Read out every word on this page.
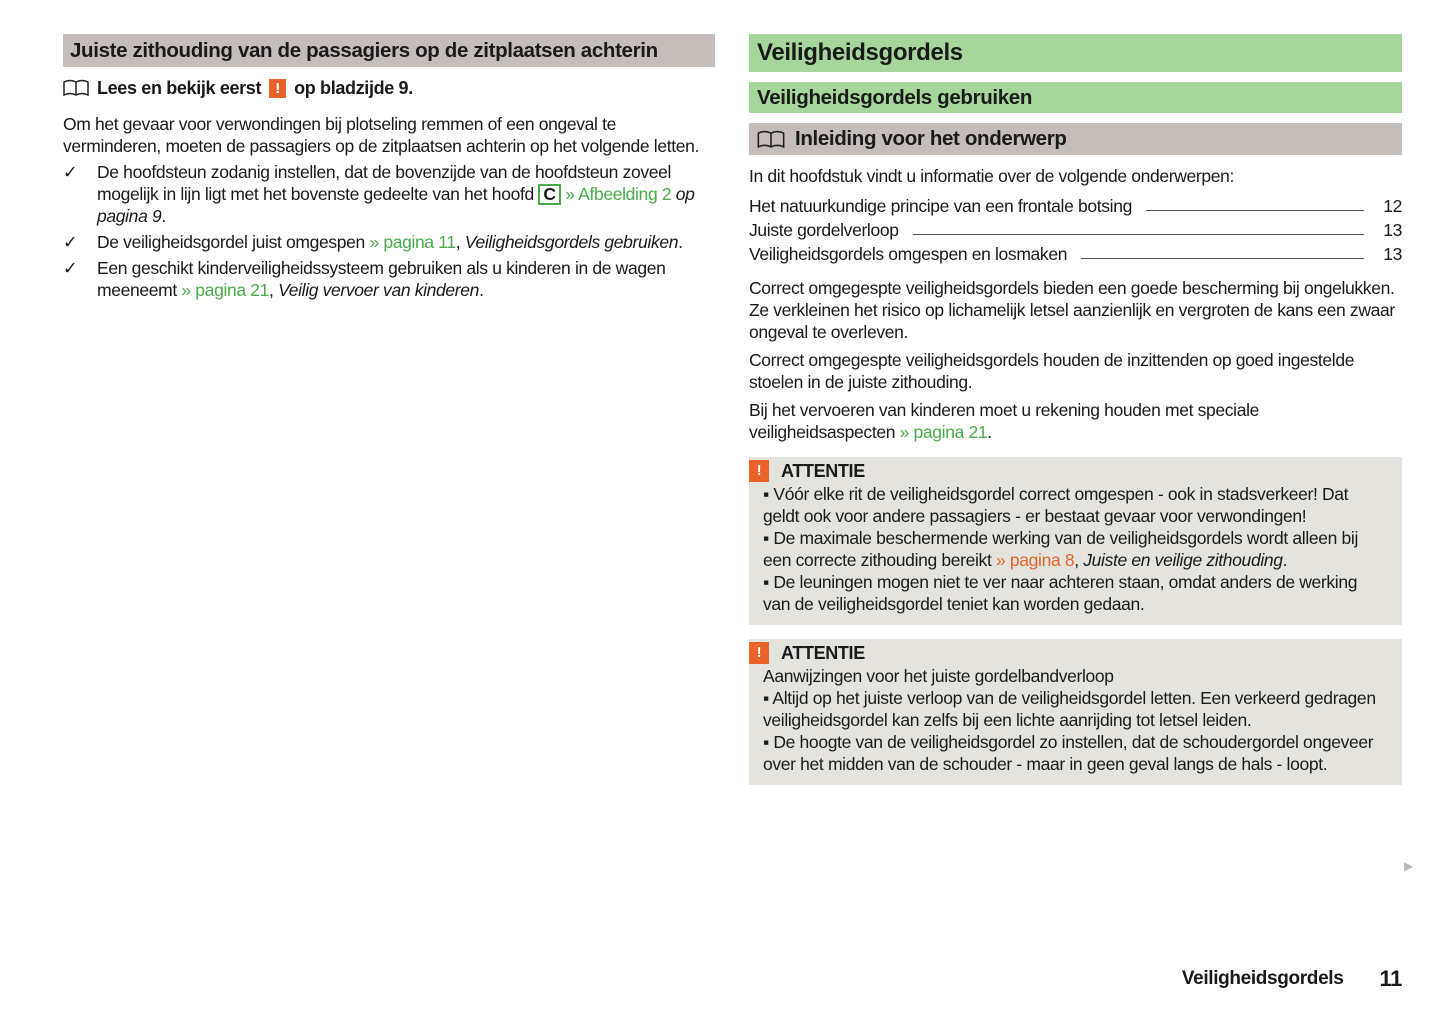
Juiste zithouding van de passagiers op de zitplaatsen achterin
Lees en bekijk eerst ! op bladzijde 9.

Om het gevaar voor verwondingen bij plotseling remmen of een ongeval te verminderen, moeten de passagiers op de zitplaatsen achterin op het volgende letten.

✓ De hoofdsteun zodanig instellen, dat de bovenzijde van de hoofdsteun zoveel mogelijk in lijn ligt met het bovenste gedeelte van het hoofd C » Afbeelding 2 op pagina 9.
✓ De veiligheidsgordel juist omgespen » pagina 11, Veiligheidsgordels gebruiken.
✓ Een geschikt kinderveiligheidssysteem gebruiken als u kinderen in de wagen meeneemt » pagina 21, Veilig vervoer van kinderen.
Veiligheidsgordels
Veiligheidsgordels gebruiken
Inleiding voor het onderwerp

In dit hoofdstuk vindt u informatie over de volgende onderwerpen:

Het natuurkundige principe van een frontale botsing	12
Juiste gordelverloop	13
Veiligheidsgordels omgespen en losmaken	13

Correct omgegespte veiligheidsgordels bieden een goede bescherming bij ongelukken. Ze verkleinen het risico op lichamelijk letsel aanzienlijk en vergroten de kans een zwaar ongeval te overleven.

Correct omgegespte veiligheidsgordels houden de inzittenden op goed ingestelde stoelen in de juiste zithouding.

Bij het vervoeren van kinderen moet u rekening houden met speciale veiligheidsaspecten » pagina 21.

!	ATTENTIE

▪ Vóór elke rit de veiligheidsgordel correct omgespen - ook in stadsverkeer! Dat geldt ook voor andere passagiers - er bestaat gevaar voor verwondingen!

▪ De maximale beschermende werking van de veiligheidsgordels wordt alleen bij een correcte zithouding bereikt » pagina 8, Juiste en veilige zithouding.

▪ De leuningen mogen niet te ver naar achteren staan, omdat anders de werking van de veiligheidsgordel teniet kan worden gedaan.

!	ATTENTIE

Aanwijzingen voor het juiste gordelbandverloop

▪ Altijd op het juiste verloop van de veiligheidsgordel letten. Een verkeerd gedragen veiligheidsgordel kan zelfs bij een lichte aanrijding tot letsel leiden.

▪ De hoogte van de veiligheidsgordel zo instellen, dat de schoudergordel ongeveer over het midden van de schouder - maar in geen geval langs de hals - loopt.

▶
Veiligheidsgordels 11
